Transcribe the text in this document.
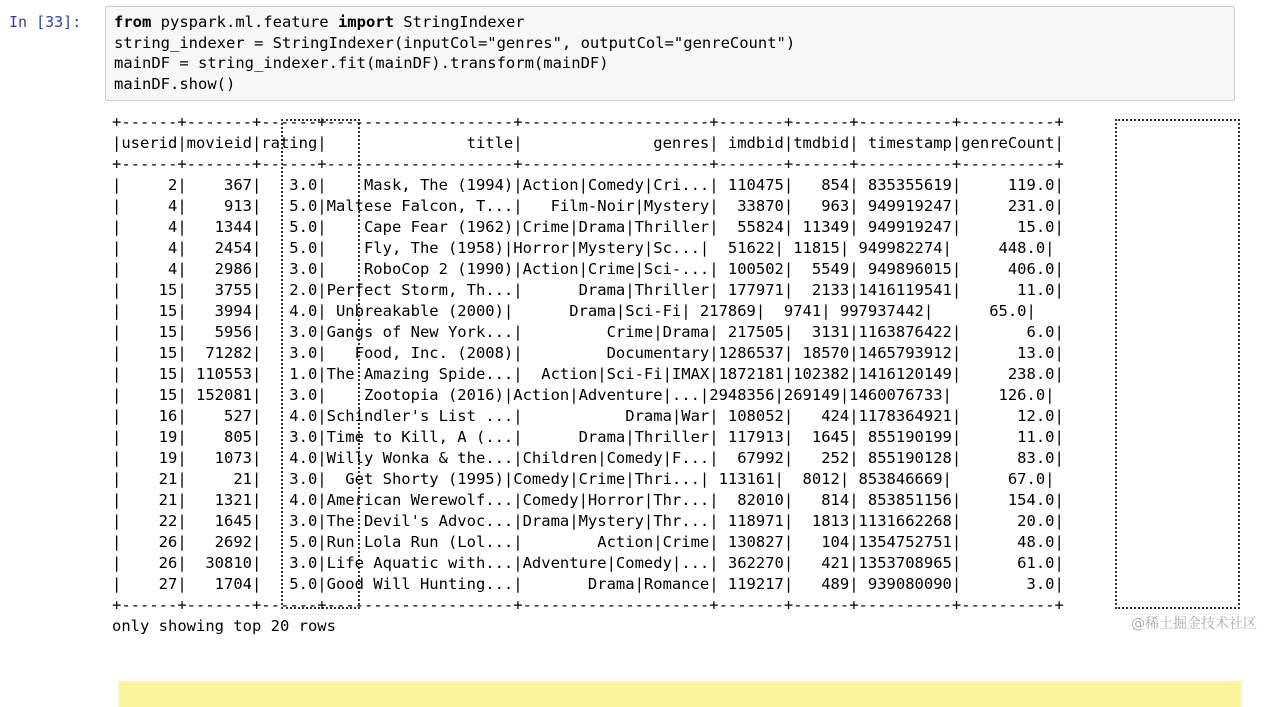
In [33]:	from pyspark.ml.feature import StringIndexer
string_indexer = StringIndexer(inputCol="genres", outputCol="genreCount")
mainDF = string_indexer.fit(mainDF).transform(mainDF)
mainDF.show()
+------+-------+------+--------------------+--------------------+-------+------+----------+----------+
|userid|movieid|rating|               title|              genres| imdbid|tmdbid| timestamp|genreCount|
+------+-------+------+--------------------+--------------------+-------+------+----------+----------+
|     2|    367|   3.0|    Mask, The (1994)|Action|Comedy|Cri...| 110475|   854| 835355619|     119.0|
|     4|    913|   5.0|Maltese Falcon, T...|   Film-Noir|Mystery|  33870|   963| 949919247|     231.0|
|     4|   1344|   5.0|    Cape Fear (1962)|Crime|Drama|Thriller|  55824| 11349| 949919247|      15.0|
|     4|   2454|   5.0|    Fly, The (1958)|Horror|Mystery|Sc...|  51622| 11815| 949982274|     448.0|
|     4|   2986|   3.0|    RoboCop 2 (1990)|Action|Crime|Sci-...| 100502|  5549| 949896015|     406.0|
|    15|   3755|   2.0|Perfect Storm, Th...|      Drama|Thriller| 177971|  2133|1416119541|      11.0|
|    15|   3994|   4.0| Unbreakable (2000)|      Drama|Sci-Fi| 217869|  9741| 997937442|      65.0|
|    15|   5956|   3.0|Gangs of New York...|         Crime|Drama| 217505|  3131|1163876422|       6.0|
|    15|  71282|   3.0|   Food, Inc. (2008)|         Documentary|1286537| 18570|1465793912|      13.0|
|    15| 110553|   1.0|The Amazing Spide...|  Action|Sci-Fi|IMAX|1872181|102382|1416120149|     238.0|
|    15| 152081|   3.0|    Zootopia (2016)|Action|Adventure|...|2948356|269149|1460076733|     126.0|
|    16|    527|   4.0|Schindler's List ...|           Drama|War| 108052|   424|1178364921|      12.0|
|    19|    805|   3.0|Time to Kill, A (...|      Drama|Thriller| 117913|  1645| 855190199|      11.0|
|    19|   1073|   4.0|Willy Wonka & the...|Children|Comedy|F...|  67992|   252| 855190128|      83.0|
|    21|     21|   3.0|  Get Shorty (1995)|Comedy|Crime|Thri...| 113161|  8012| 853846669|      67.0|
|    21|   1321|   4.0|American Werewolf...|Comedy|Horror|Thr...|  82010|   814| 853851156|     154.0|
|    22|   1645|   3.0|The Devil's Advoc...|Drama|Mystery|Thr...| 118971|  1813|1131662268|      20.0|
|    26|   2692|   5.0|Run Lola Run (Lol...|        Action|Crime| 130827|   104|1354752751|      48.0|
|    26|  30810|   3.0|Life Aquatic with...|Adventure|Comedy|...| 362270|   421|1353708965|      61.0|
|    27|   1704|   5.0|Good Will Hunting...|       Drama|Romance| 119217|   489| 939080090|       3.0|
+------+-------+------+--------------------+--------------------+-------+------+----------+----------+
only showing top 20 rows	@稀土掘金技术社区
